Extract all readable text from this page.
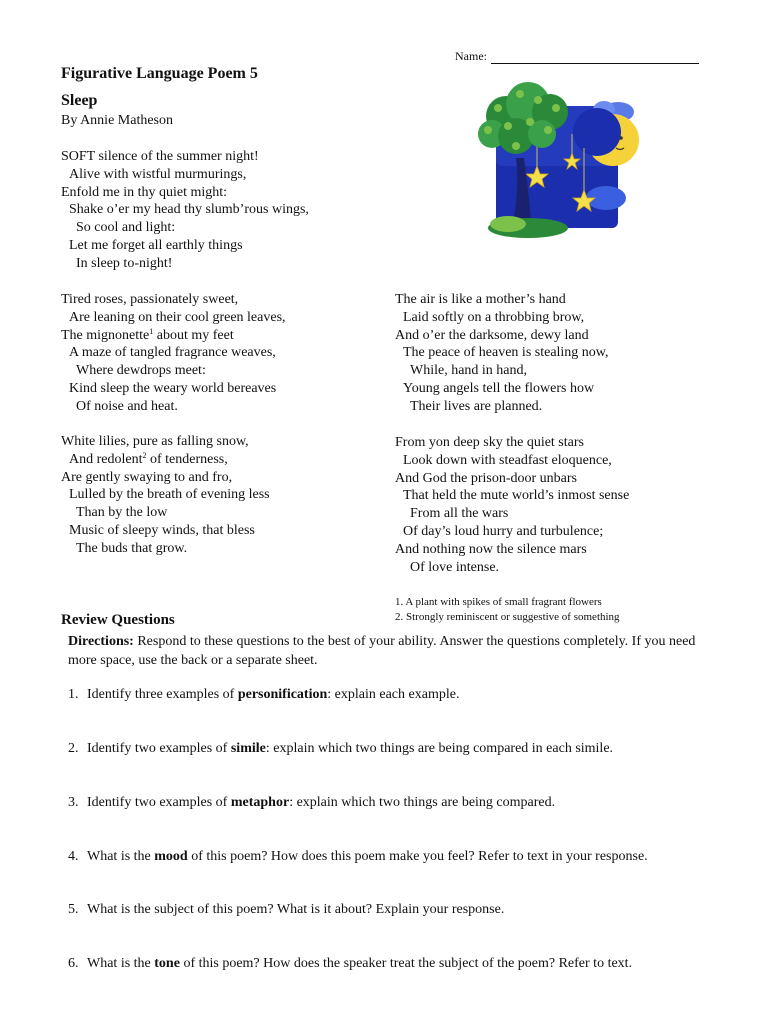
Name:
Figurative Language Poem 5
Sleep
By Annie Matheson
SOFT silence of the summer night!
Alive with wistful murmurings,
Enfold me in thy quiet might:
Shake o’er my head thy slumb’rous wings,
So cool and light:
Let me forget all earthly things
In sleep to-night!
Tired roses, passionately sweet,
Are leaning on their cool green leaves,
The mignonette$^1$ about my feet
A maze of tangled fragrance weaves,
Where dewdrops meet:
Kind sleep the weary world bereaves
Of noise and heat.
White lilies, pure as falling snow,
And redolent$^2$ of tenderness,
Are gently swaying to and fro,
Lulled by the breath of evening less
Than by the low
Music of sleepy winds, that bless
The buds that grow.
The air is like a mother’s hand
Laid softly on a throbbing brow,
And o’er the darksome, dewy land
The peace of heaven is stealing now,
While, hand in hand,
Young angels tell the flowers how
Their lives are planned.
From yon deep sky the quiet stars
Look down with steadfast eloquence,
And God the prison-door unbars
That held the mute world’s inmost sense
From all the wars
Of day’s loud hurry and turbulence;
And nothing now the silence mars
Of love intense.
1. A plant with spikes of small fragrant flowers
2. Strongly reminiscent or suggestive of something
Review Questions
Directions: Respond to these questions to the best of your ability. Answer the questions completely. If you need more space, use the back or a separate sheet.
1. Identify three examples of personification: explain each example.
2. Identify two examples of simile: explain which two things are being compared in each simile.
3. Identify two examples of metaphor: explain which two things are being compared.
4. What is the mood of this poem? How does this poem make you feel? Refer to text in your response.
5. What is the subject of this poem? What is it about? Explain your response.
6. What is the tone of this poem? How does the speaker treat the subject of the poem? Refer to text.
